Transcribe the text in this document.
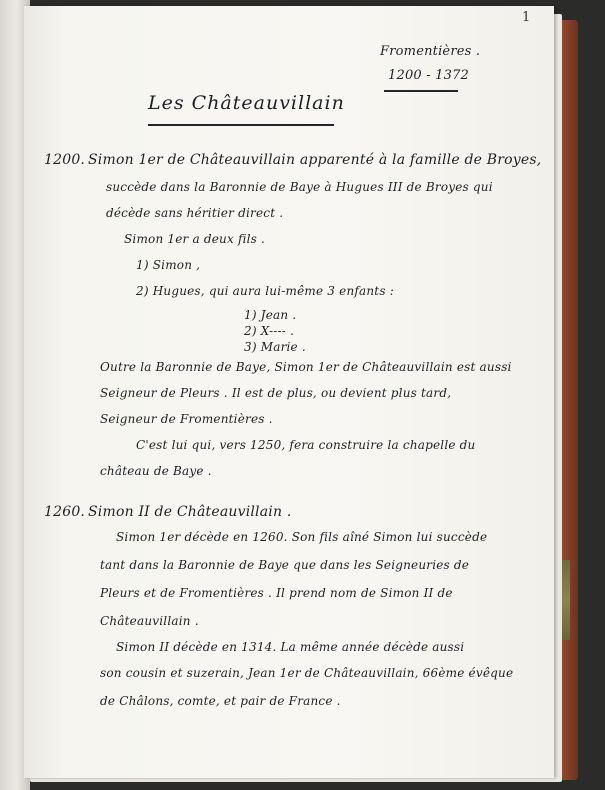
1
Fromentières .
1200 - 1372
Les Châteauvillain
1200. Simon 1er de Châteauvillain apparenté à la famille de Broyes,
succède dans la Baronnie de Baye à Hugues III de Broyes qui
décède sans héritier direct .
Simon 1er a deux fils .
1) Simon ,
2) Hugues, qui aura lui-même 3 enfants :
1) Jean .
2) X---- .
3) Marie .
Outre la Baronnie de Baye, Simon 1er de Châteauvillain est aussi
Seigneur de Pleurs . Il est de plus, ou devient plus tard,
Seigneur de Fromentières .
C'est lui qui, vers 1250, fera construire la chapelle du
château de Baye .
1260. Simon II de Châteauvillain .
Simon 1er décède en 1260. Son fils aîné Simon lui succède
tant dans la Baronnie de Baye que dans les Seigneuries de
Pleurs et de Fromentières . Il prend nom de Simon II de
Châteauvillain .
Simon II décède en 1314. La même année décède aussi
son cousin et suzerain, Jean 1er de Châteauvillain, 66ème évêque
de Châlons, comte, et pair de France .
